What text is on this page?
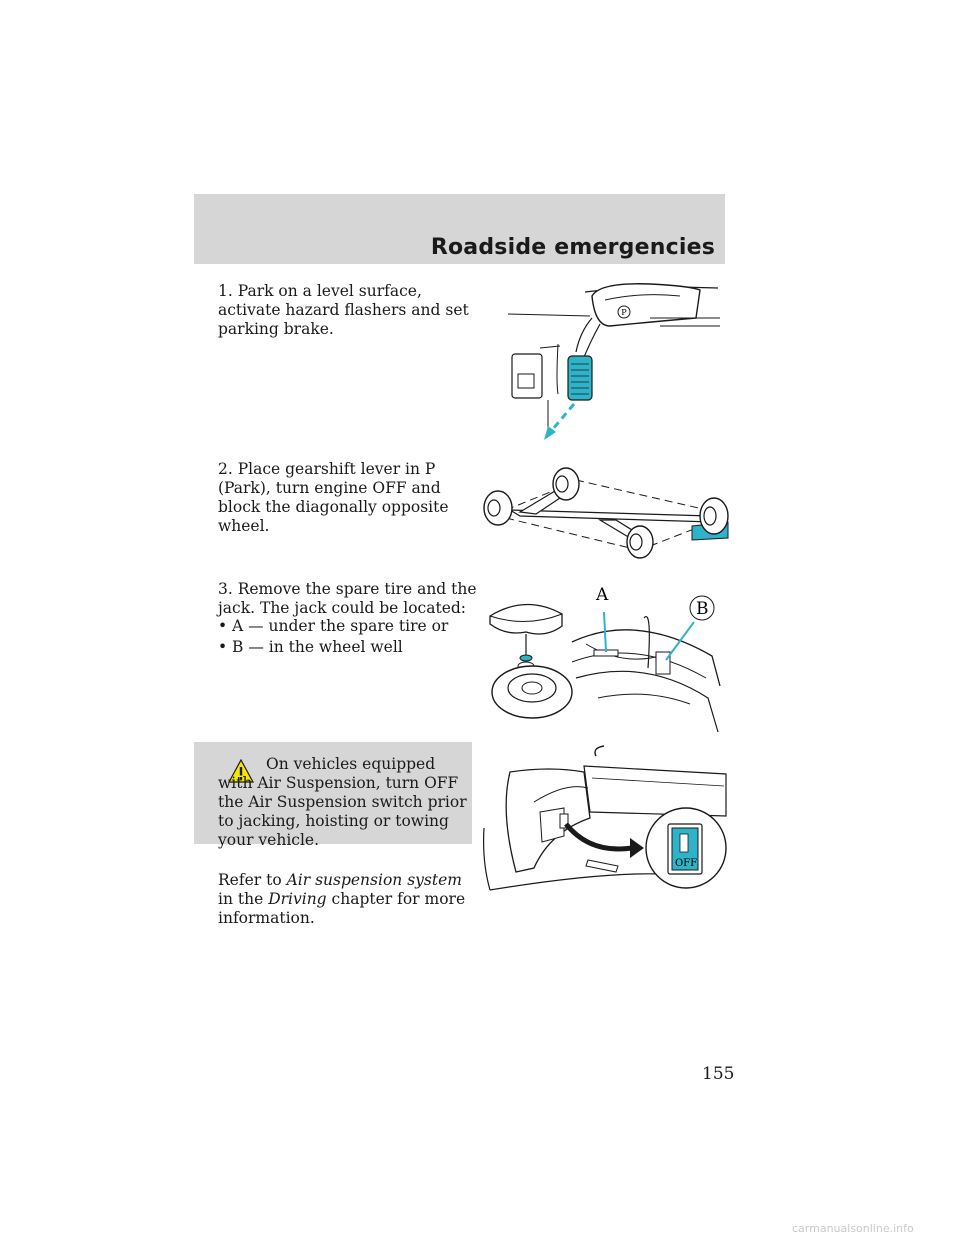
Roadside emergencies
1. Park on a level surface, activate hazard flashers and set parking brake.
2. Place gearshift lever in P (Park), turn engine OFF and block the diagonally opposite wheel.
3. Remove the spare tire and the jack. The jack could be located:
• A — under the spare tire or
• B — in the wheel well
On vehicles equipped with Air Suspension, turn OFF the Air Suspension switch prior to jacking, hoisting or towing your vehicle.
Refer to Air suspension system in the Driving chapter for more information.
P
A
B
OFF
155
carmanualsonline.info
